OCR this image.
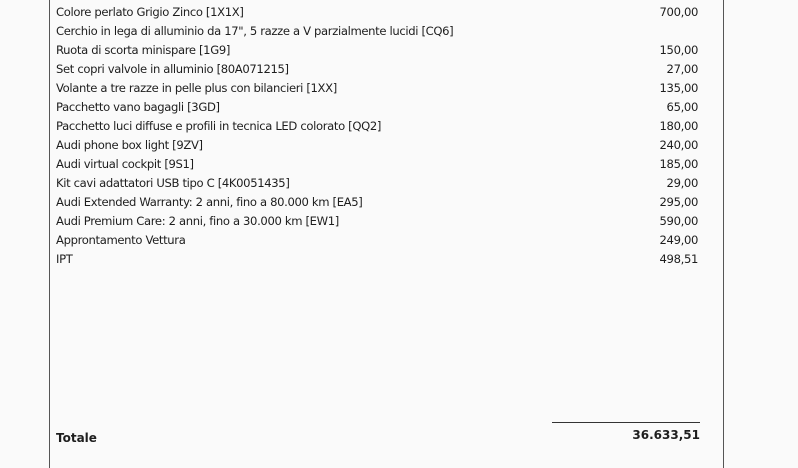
Colore perlato Grigio Zinco [1X1X]	700,00
Cerchio in lega di alluminio da 17", 5 razze a V parzialmente lucidi [CQ6]
Ruota di scorta minispare [1G9]	150,00
Set copri valvole in alluminio [80A071215]	27,00
Volante a tre razze in pelle plus con bilancieri [1XX]	135,00
Pacchetto vano bagagli [3GD]	65,00
Pacchetto luci diffuse e profili in tecnica LED colorato [QQ2]	180,00
Audi phone box light [9ZV]	240,00
Audi virtual cockpit [9S1]	185,00
Kit cavi adattatori USB tipo C [4K0051435]	29,00
Audi Extended Warranty: 2 anni, fino a 80.000 km [EA5]	295,00
Audi Premium Care: 2 anni, fino a 30.000 km [EW1]	590,00
Approntamento Vettura	249,00
IPT	498,51
Totale	36.633,51
